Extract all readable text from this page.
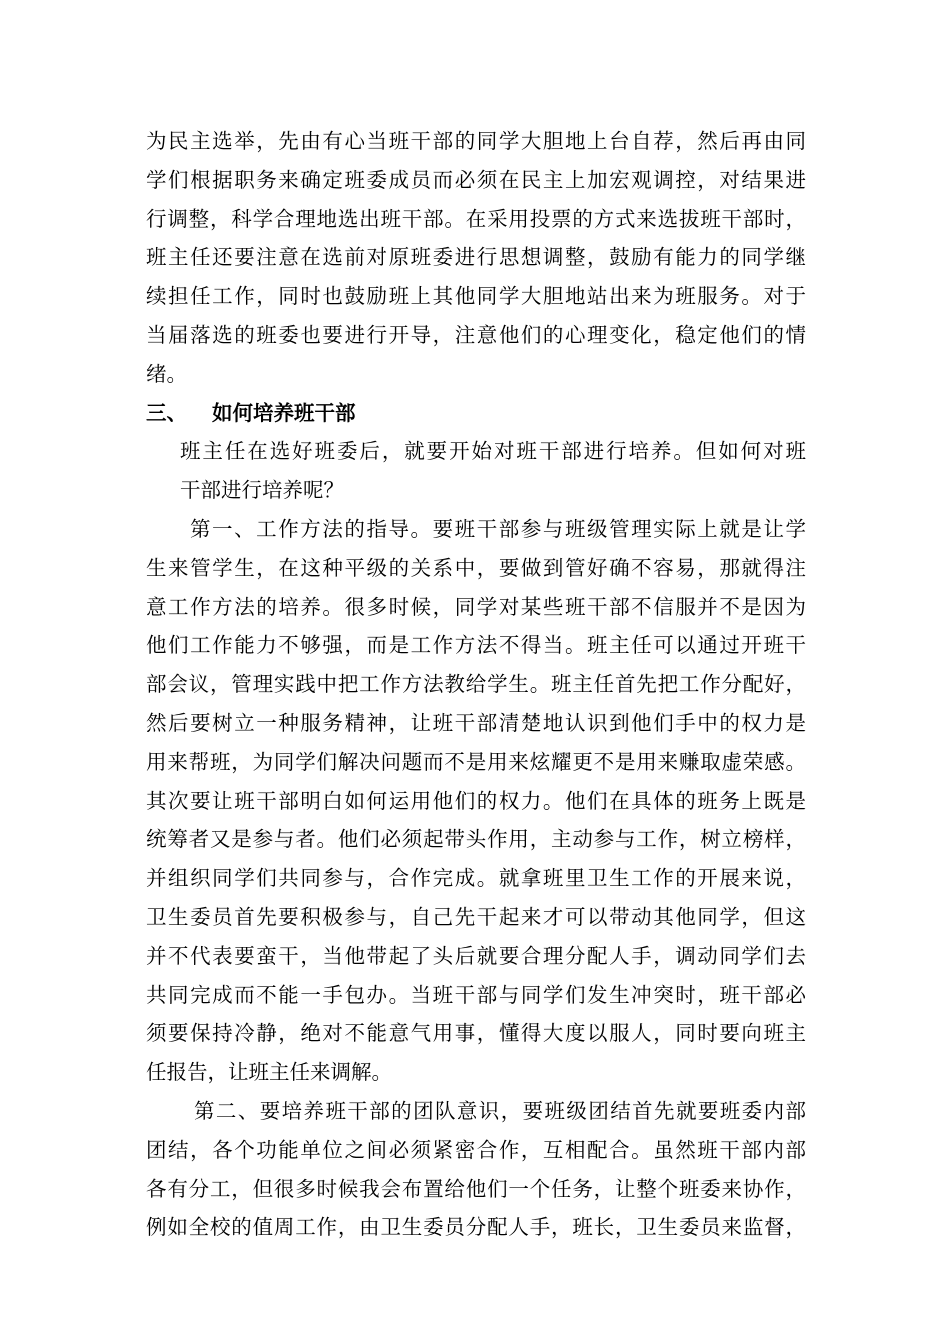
为民主选举，先由有心当班干部的同学大胆地上台自荐，然后再由同
学们根据职务来确定班委成员而必须在民主上加宏观调控，对结果进
行调整，科学合理地选出班干部。在采用投票的方式来选拔班干部时，
班主任还要注意在选前对原班委进行思想调整，鼓励有能力的同学继
续担任工作，同时也鼓励班上其他同学大胆地站出来为班服务。对于
当届落选的班委也要进行开导，注意他们的心理变化，稳定他们的情
绪。
三、 如何培养班干部
班主任在选好班委后，就要开始对班干部进行培养。但如何对班
干部进行培养呢？
第一、工作方法的指导。要班干部参与班级管理实际上就是让学
生来管学生，在这种平级的关系中，要做到管好确不容易，那就得注
意工作方法的培养。很多时候，同学对某些班干部不信服并不是因为
他们工作能力不够强，而是工作方法不得当。班主任可以通过开班干
部会议，管理实践中把工作方法教给学生。班主任首先把工作分配好，
然后要树立一种服务精神，让班干部清楚地认识到他们手中的权力是
用来帮班，为同学们解决问题而不是用来炫耀更不是用来赚取虚荣感。
其次要让班干部明白如何运用他们的权力。他们在具体的班务上既是
统筹者又是参与者。他们必须起带头作用，主动参与工作，树立榜样，
并组织同学们共同参与，合作完成。就拿班里卫生工作的开展来说，
卫生委员首先要积极参与，自己先干起来才可以带动其他同学，但这
并不代表要蛮干，当他带起了头后就要合理分配人手，调动同学们去
共同完成而不能一手包办。当班干部与同学们发生冲突时，班干部必
须要保持冷静，绝对不能意气用事，懂得大度以服人，同时要向班主
任报告，让班主任来调解。
第二、要培养班干部的团队意识，要班级团结首先就要班委内部
团结，各个功能单位之间必须紧密合作，互相配合。虽然班干部内部
各有分工，但很多时候我会布置给他们一个任务，让整个班委来协作，
例如全校的值周工作，由卫生委员分配人手，班长，卫生委员来监督，
